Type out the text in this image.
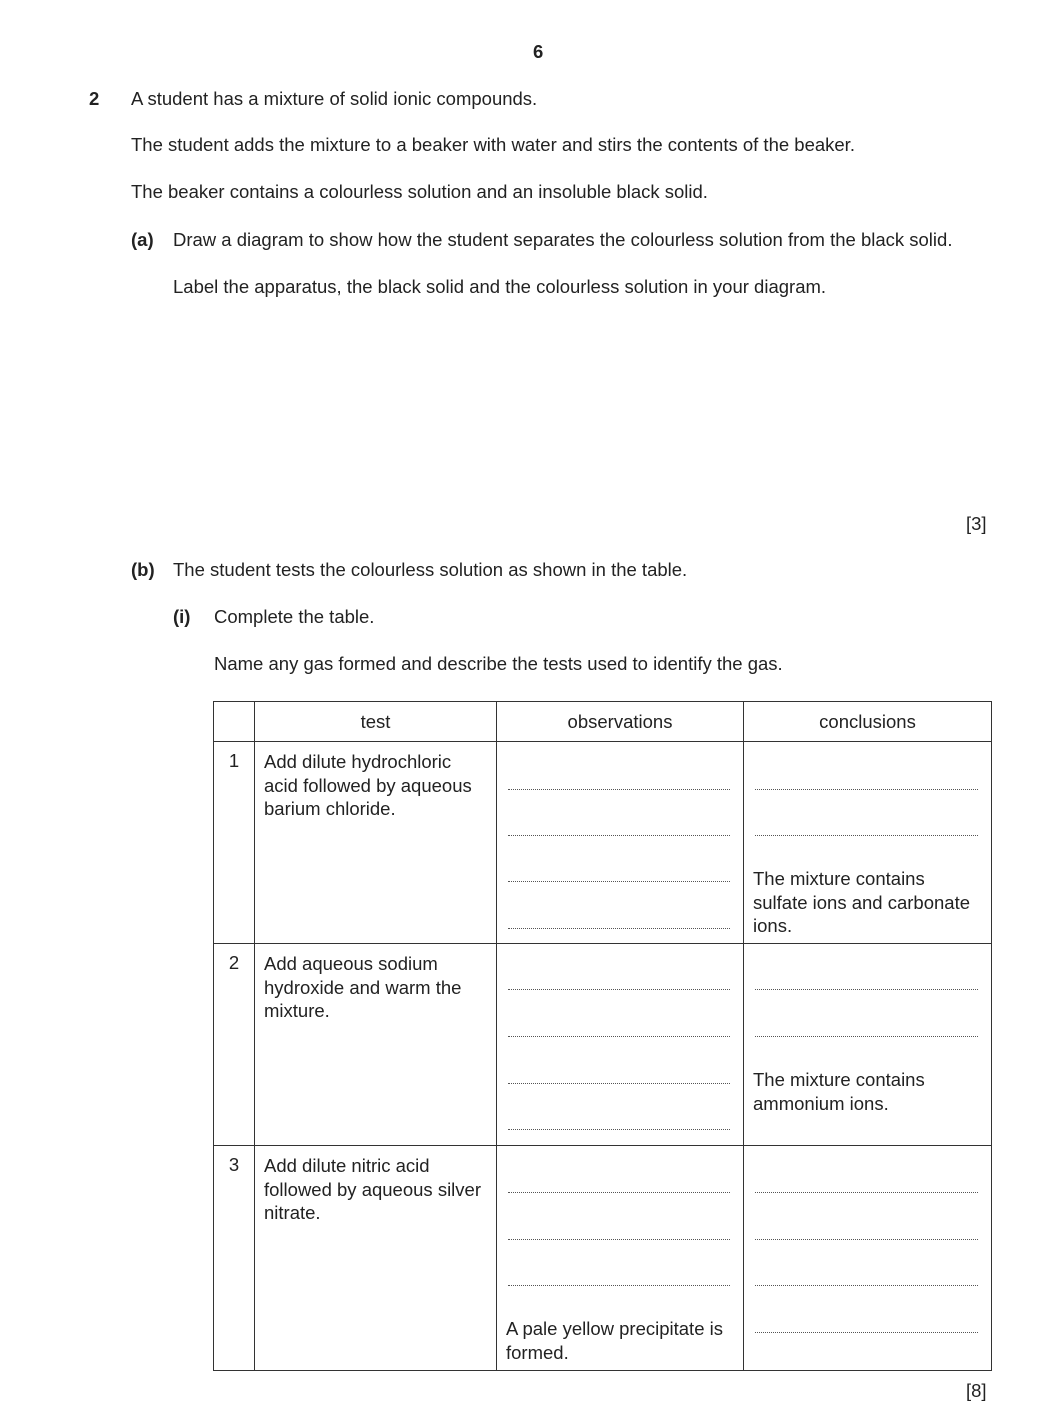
6
2 A student has a mixture of solid ionic compounds.
The student adds the mixture to a beaker with water and stirs the contents of the beaker.
The beaker contains a colourless solution and an insoluble black solid.
(a) Draw a diagram to show how the student separates the colourless solution from the black solid.
Label the apparatus, the black solid and the colourless solution in your diagram.
[3]
(b) The student tests the colourless solution as shown in the table.
(i) Complete the table.
Name any gas formed and describe the tests used to identify the gas.
	test	observations	conclusions

1	Add dilute hydrochloric acid followed by aqueous barium chloride.		The mixture contains sulfate ions and carbonate ions.

2	Add aqueous sodium hydroxide and warm the mixture.		The mixture contains ammonium ions.

3	Add dilute nitric acid followed by aqueous silver nitrate.	A pale yellow precipitate is formed.	

[8]
